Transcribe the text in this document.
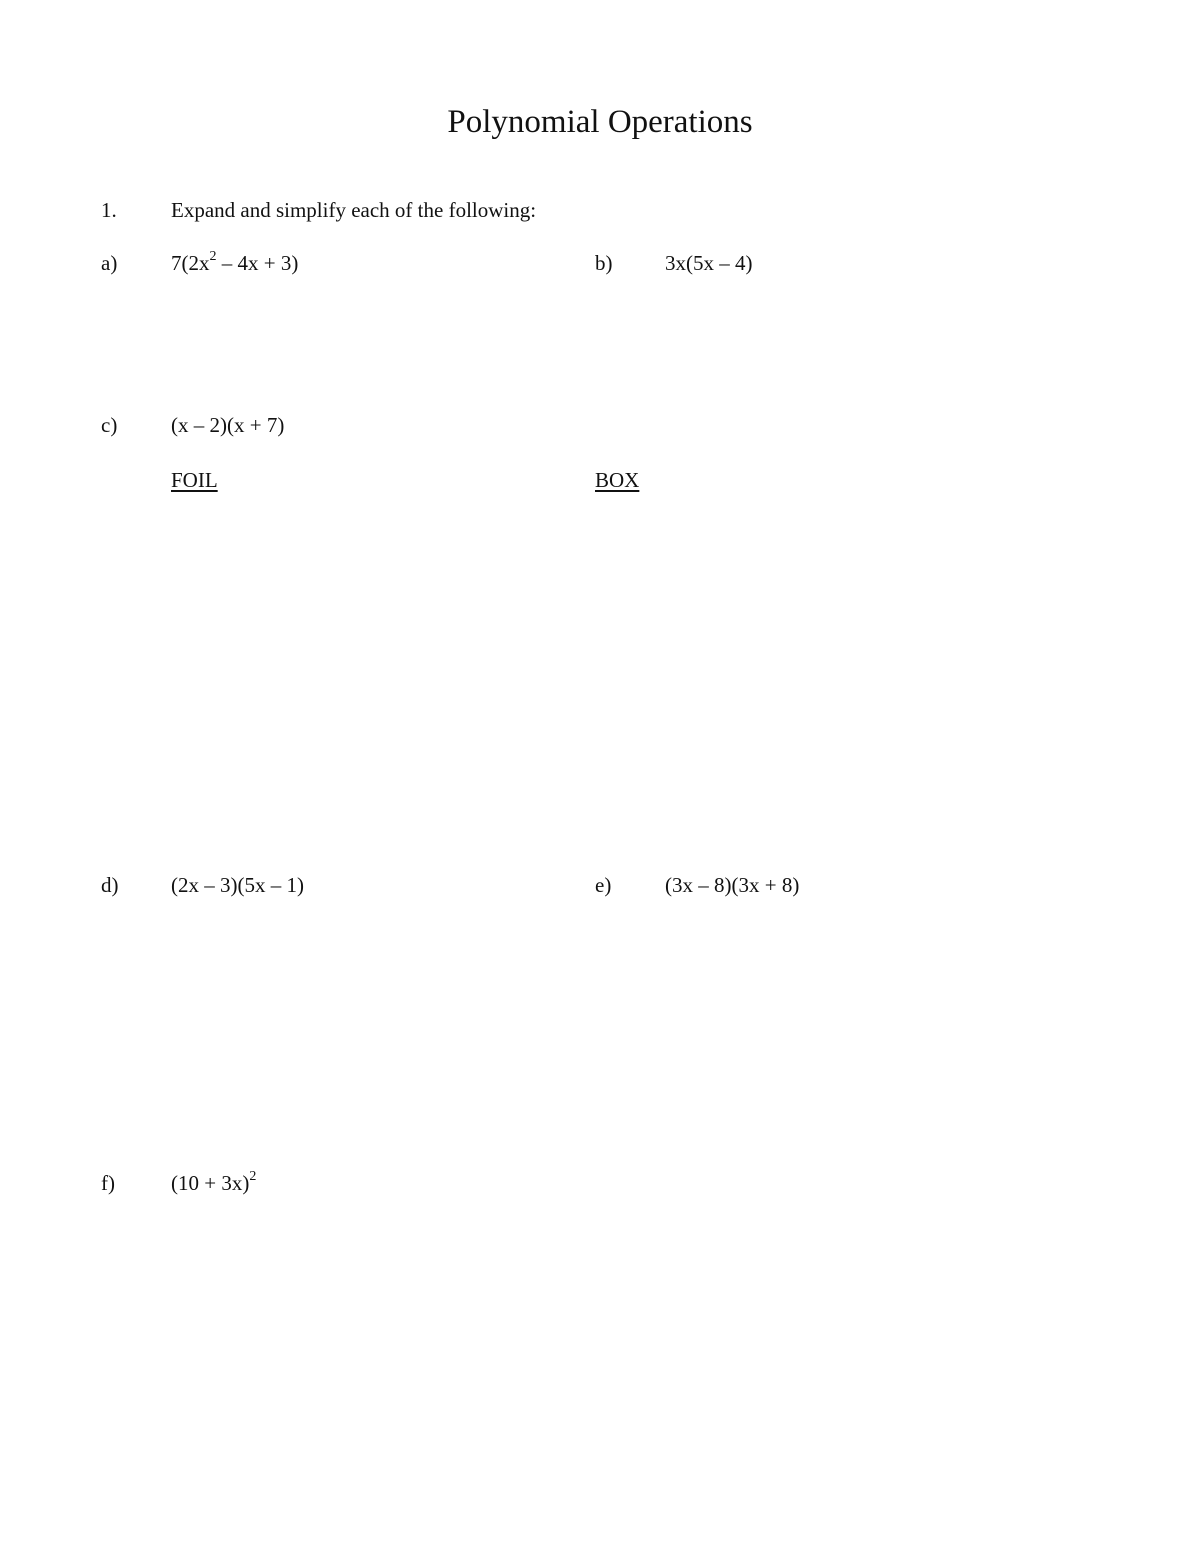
Polynomial Operations
1.	Expand and simplify each of the following:
a)	$7(2x^2 - 4x + 3)$	b)	3x(5x – 4)
c)	(x – 2)(x + 7)
FOIL	BOX
d)	(2x – 3)(5x – 1)	e)	(3x – 8)(3x + 8)
f)	$(10 + 3x)^2$
